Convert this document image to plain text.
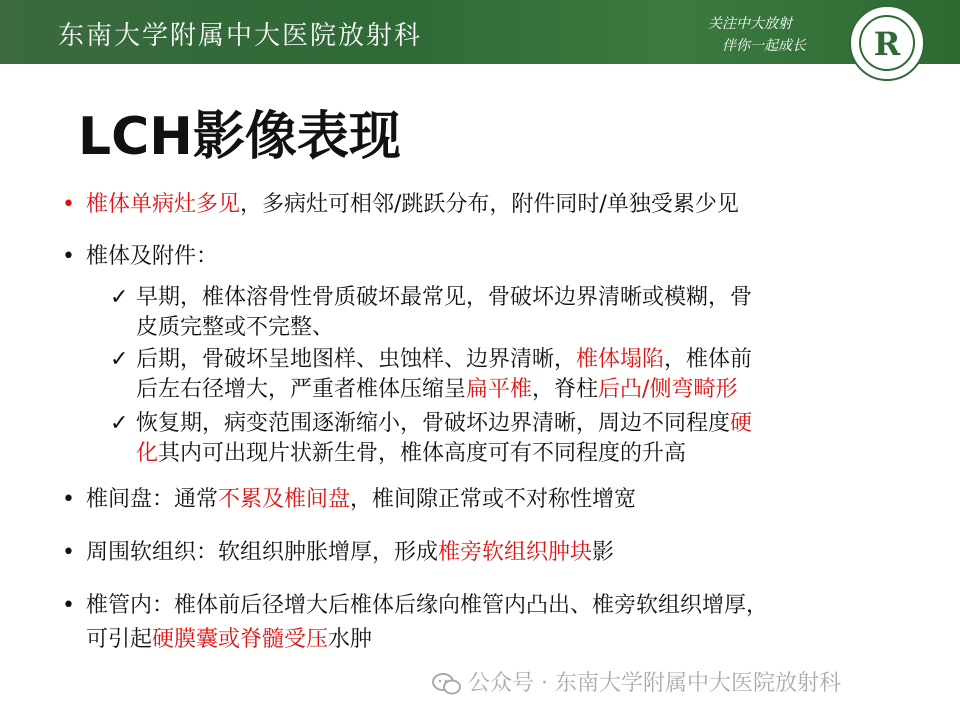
东南大学附属中大医院放射科	关注中大放射
伴你一起成长	R
LCH影像表现
• 椎体单病灶多见，多病灶可相邻/跳跃分布，附件同时/单独受累少见
• 椎体及附件：
✓ 早期，椎体溶骨性骨质破坏最常见，骨破坏边界清晰或模糊，骨
皮质完整或不完整、
✓ 后期，骨破坏呈地图样、虫蚀样、边界清晰，椎体塌陷，椎体前
后左右径增大，严重者椎体压缩呈扁平椎，脊柱后凸/侧弯畸形
✓ 恢复期，病变范围逐渐缩小，骨破坏边界清晰，周边不同程度硬
化其内可出现片状新生骨，椎体高度可有不同程度的升高
• 椎间盘：通常不累及椎间盘，椎间隙正常或不对称性增宽
• 周围软组织：软组织肿胀增厚，形成椎旁软组织肿块影
• 椎管内：椎体前后径增大后椎体后缘向椎管内凸出、椎旁软组织增厚，
可引起硬膜囊或脊髓受压水肿
公众号 · 东南大学附属中大医院放射科
